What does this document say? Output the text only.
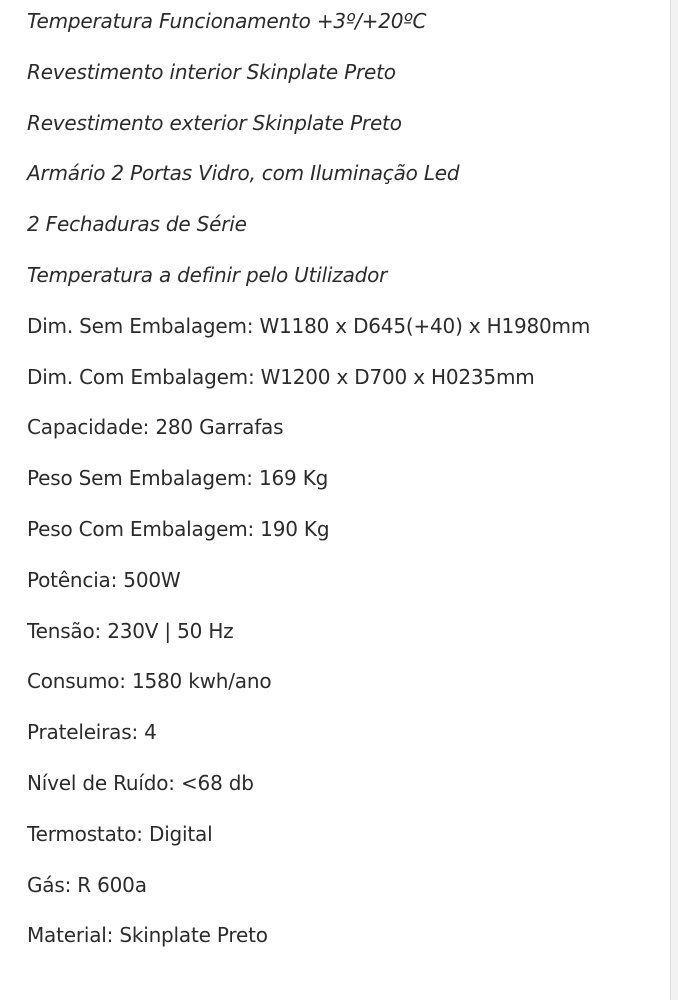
Temperatura Funcionamento +3º/+20ºC
Revestimento interior Skinplate Preto
Revestimento exterior Skinplate Preto
Armário 2 Portas Vidro, com Iluminação Led
2 Fechaduras de Série
Temperatura a definir pelo Utilizador
Dim. Sem Embalagem: W1180 x D645(+40) x H1980mm
Dim. Com Embalagem: W1200 x D700 x H0235mm
Capacidade: 280 Garrafas
Peso Sem Embalagem: 169 Kg
Peso Com Embalagem: 190 Kg
Potência: 500W
Tensão: 230V | 50 Hz
Consumo: 1580 kwh/ano
Prateleiras: 4
Nível de Ruído: <68 db
Termostato: Digital
Gás: R 600a
Material: Skinplate Preto
